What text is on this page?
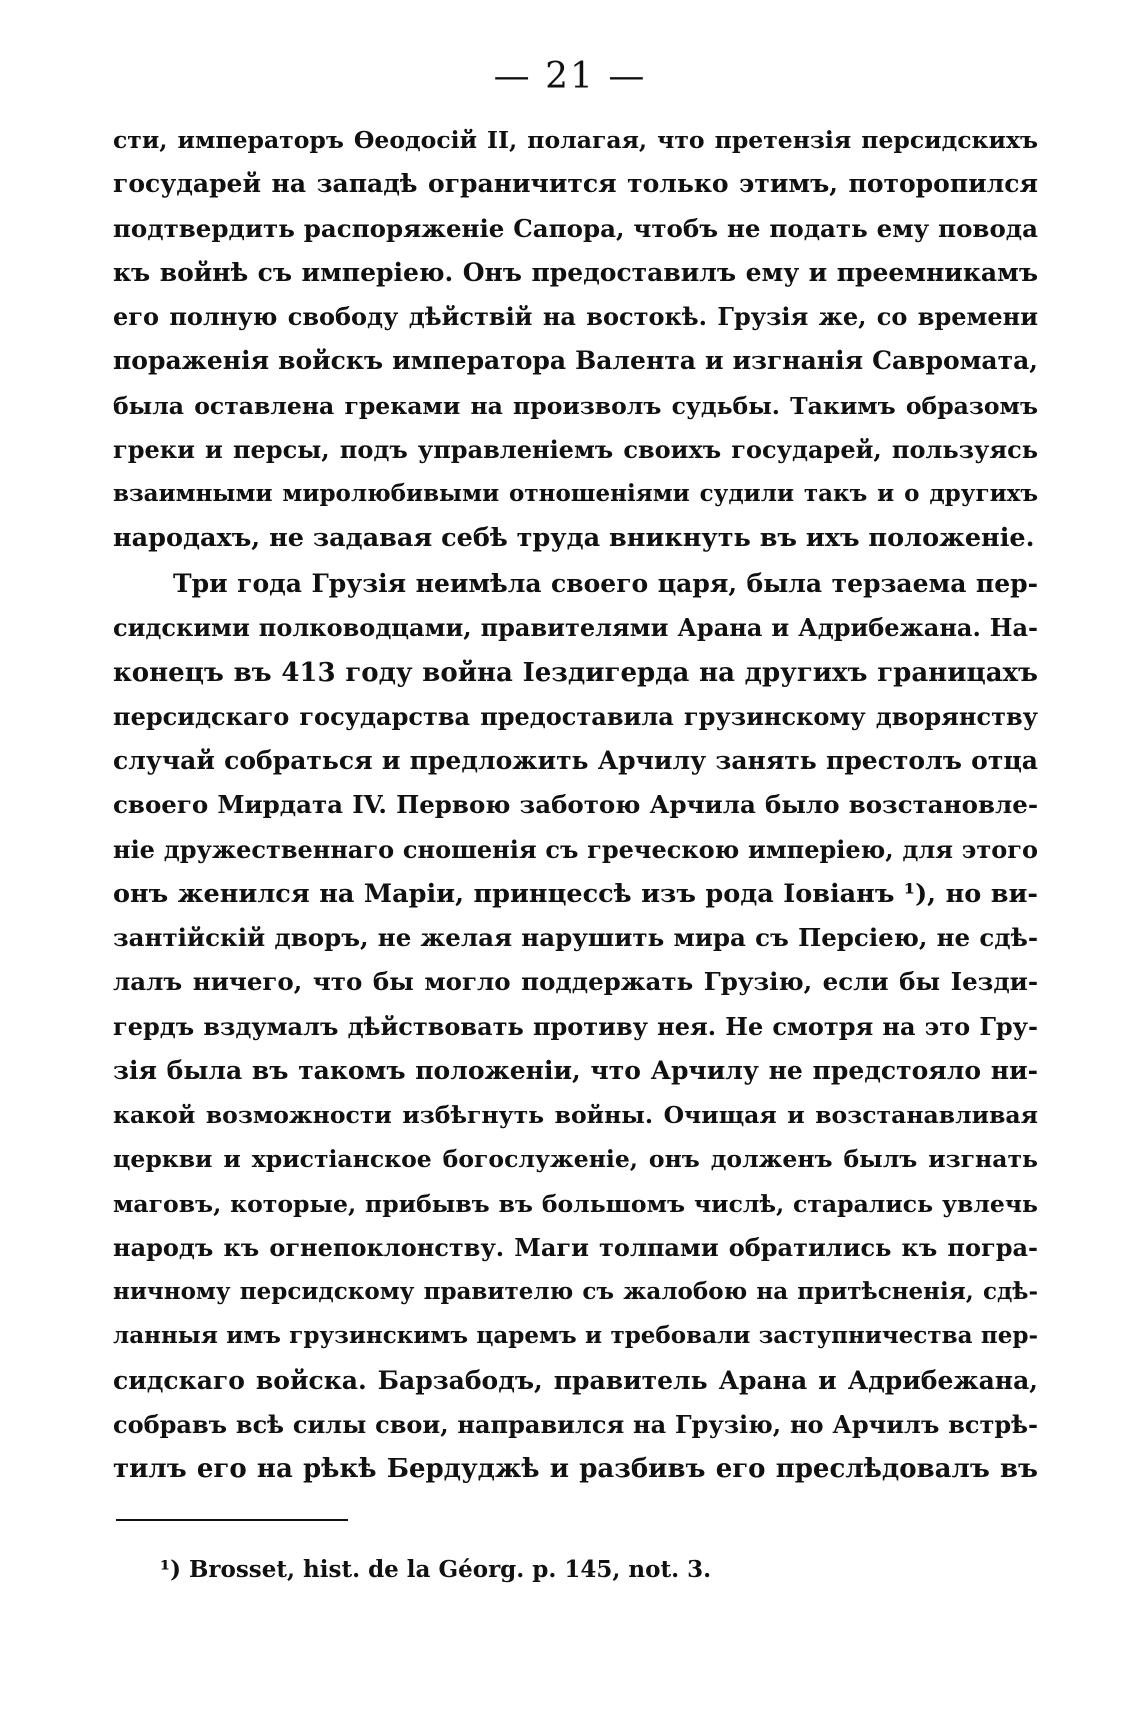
— 21 —
сти, императоръ Өеодосій II, полагая, что претензія персидскихъ
государей на западѣ ограничится только этимъ, поторопился
подтвердить распоряженіе Сапора, чтобъ не подать ему повода
къ войнѣ съ имперіею. Онъ предоставилъ ему и преемникамъ
его полную свободу дѣйствій на востокѣ. Грузія же, со времени
пораженія войскъ императора Валента и изгнанія Савромата,
была оставлена греками на произволъ судьбы. Такимъ образомъ
греки и персы, подъ управленіемъ своихъ государей, пользуясь
взаимными миролюбивыми отношеніями судили такъ и о другихъ
народахъ, не задавая себѣ труда вникнуть въ ихъ положеніе.
Три года Грузія неимѣла своего царя, была терзаема пер-
сидскими полководцами, правителями Арана и Адрибежана. На-
конецъ въ 413 году война Іездигерда на другихъ границахъ
персидскаго государства предоставила грузинскому дворянству
случай собраться и предложить Арчилу занять престолъ отца
своего Мирдата IV. Первою заботою Арчила было возстановле-
ніе дружественнаго сношенія съ греческою имперіею, для этого
онъ женился на Маріи, принцессѣ изъ рода Іовіанъ ¹), но ви-
зантійскій дворъ, не желая нарушить мира съ Персіею, не сдѣ-
лалъ ничего, что бы могло поддержать Грузію, если бы Іезди-
гердъ вздумалъ дѣйствовать противу нея. Не смотря на это Гру-
зія была въ такомъ положеніи, что Арчилу не предстояло ни-
какой возможности избѣгнуть войны. Очищая и возстанавливая
церкви и христіанское богослуженіе, онъ долженъ былъ изгнать
маговъ, которые, прибывъ въ большомъ числѣ, старались увлечь
народъ къ огнепоклонству. Маги толпами обратились къ погра-
ничному персидскому правителю съ жалобою на притѣсненія, сдѣ-
ланныя имъ грузинскимъ царемъ и требовали заступничества пер-
сидскаго войска. Барзабодъ, правитель Арана и Адрибежана,
собравъ всѣ силы свои, направился на Грузію, но Арчилъ встрѣ-
тилъ его на рѣкѣ Бердуджѣ и разбивъ его преслѣдовалъ въ
¹) Brosset, hist. de la Géorg. p. 145, not. 3.
